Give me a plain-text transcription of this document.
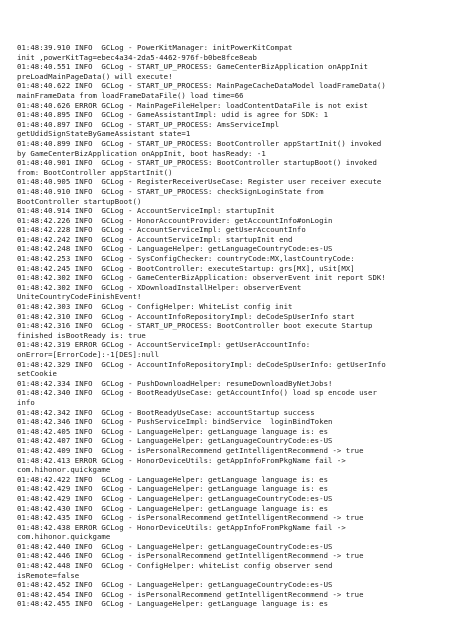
01:48:39.910 INFO  GCLog - PowerKitManager: initPowerKitCompat
init ,powerKitTag=ebec4a34-2da5-4462-976f-b0be8fce8eab
01:48:40.551 INFO  GCLog - START_UP_PROCESS: GameCenterBizApplication onAppInit
preLoadMainPageData() will execute!
01:48:40.622 INFO  GCLog - START_UP_PROCESS: MainPageCacheDataModel loadFrameData()
mainFrameData from loadFrameDataFile() load time=66
01:48:40.626 ERROR GCLog - MainPageFileHelper: loadContentDataFile is not exist
01:48:40.895 INFO  GCLog - GameAssistantImpl: udid is agree for SDK: 1
01:48:40.897 INFO  GCLog - START_UP_PROCESS: AmsServiceImpl
getUdidSignStateByGameAssistant state=1
01:48:40.899 INFO  GCLog - START_UP_PROCESS: BootController appStartInit() invoked
by GameCenterBizApplication onAppInit, boot hasReady: -1
01:48:40.901 INFO  GCLog - START_UP_PROCESS: BootController startupBoot() invoked
from: BootController appStartInit()
01:48:40.905 INFO  GCLog - RegisterReceiverUseCase: Register user receiver execute
01:48:40.910 INFO  GCLog - START_UP_PROCESS: checkSignLoginState from
BootController startupBoot()
01:48:40.914 INFO  GCLog - AccountServiceImpl: startupInit
01:48:42.226 INFO  GCLog - HonorAccountProvider: getAccountInfo#onLogin
01:48:42.228 INFO  GCLog - AccountServiceImpl: getUserAccountInfo
01:48:42.242 INFO  GCLog - AccountServiceImpl: startupInit end
01:48:42.248 INFO  GCLog - LanguageHelper: getLanguageCountryCode:es-US
01:48:42.253 INFO  GCLog - SysConfigChecker: countryCode:MX,lastCountryCode:
01:48:42.245 INFO  GCLog - BootController: executeStartup: grs[MX], uSit[MX]
01:48:42.302 INFO  GCLog - GameCenterBizApplication: observerEvent init report SDK!
01:48:42.302 INFO  GCLog - XDownloadInstallHelper: observerEvent
UniteCountryCodeFinishEvent!
01:48:42.303 INFO  GCLog - ConfigHelper: WhiteList config init
01:48:42.310 INFO  GCLog - AccountInfoRepositoryImpl: deCodeSpUserInfo start
01:48:42.316 INFO  GCLog - START_UP_PROCESS: BootController boot execute Startup
finished isBootReady is: true
01:48:42.319 ERROR GCLog - AccountServiceImpl: getUserAccountInfo:
onError=[ErrorCode]:-1[DES]:null
01:48:42.329 INFO  GCLog - AccountInfoRepositoryImpl: deCodeSpUserInfo: getUserInfo
setCookie
01:48:42.334 INFO  GCLog - PushDownloadHelper: resumeDownloadByNetJobs!
01:48:42.340 INFO  GCLog - BootReadyUseCase: getAccountInfo() load sp encode user
info
01:48:42.342 INFO  GCLog - BootReadyUseCase: accountStartup success
01:48:42.346 INFO  GCLog - PushServiceImpl: bindService  loginBindToken
01:48:42.405 INFO  GCLog - LanguageHelper: getLanguage language is: es
01:48:42.407 INFO  GCLog - LanguageHelper: getLanguageCountryCode:es-US
01:48:42.409 INFO  GCLog - isPersonalRecommend getIntelligentRecommend -> true
01:48:42.413 ERROR GCLog - HonorDeviceUtils: getAppInfoFromPkgName fail ->
com.hihonor.quickgame
01:48:42.422 INFO  GCLog - LanguageHelper: getLanguage language is: es
01:48:42.429 INFO  GCLog - LanguageHelper: getLanguage language is: es
01:48:42.429 INFO  GCLog - LanguageHelper: getLanguageCountryCode:es-US
01:48:42.430 INFO  GCLog - LanguageHelper: getLanguage language is: es
01:48:42.435 INFO  GCLog - isPersonalRecommend getIntelligentRecommend -> true
01:48:42.438 ERROR GCLog - HonorDeviceUtils: getAppInfoFromPkgName fail ->
com.hihonor.quickgame
01:48:42.440 INFO  GCLog - LanguageHelper: getLanguageCountryCode:es-US
01:48:42.446 INFO  GCLog - isPersonalRecommend getIntelligentRecommend -> true
01:48:42.448 INFO  GCLog - ConfigHelper: whiteList config observer send
isRemote=false
01:48:42.452 INFO  GCLog - LanguageHelper: getLanguageCountryCode:es-US
01:48:42.454 INFO  GCLog - isPersonalRecommend getIntelligentRecommend -> true
01:48:42.455 INFO  GCLog - LanguageHelper: getLanguage language is: es
